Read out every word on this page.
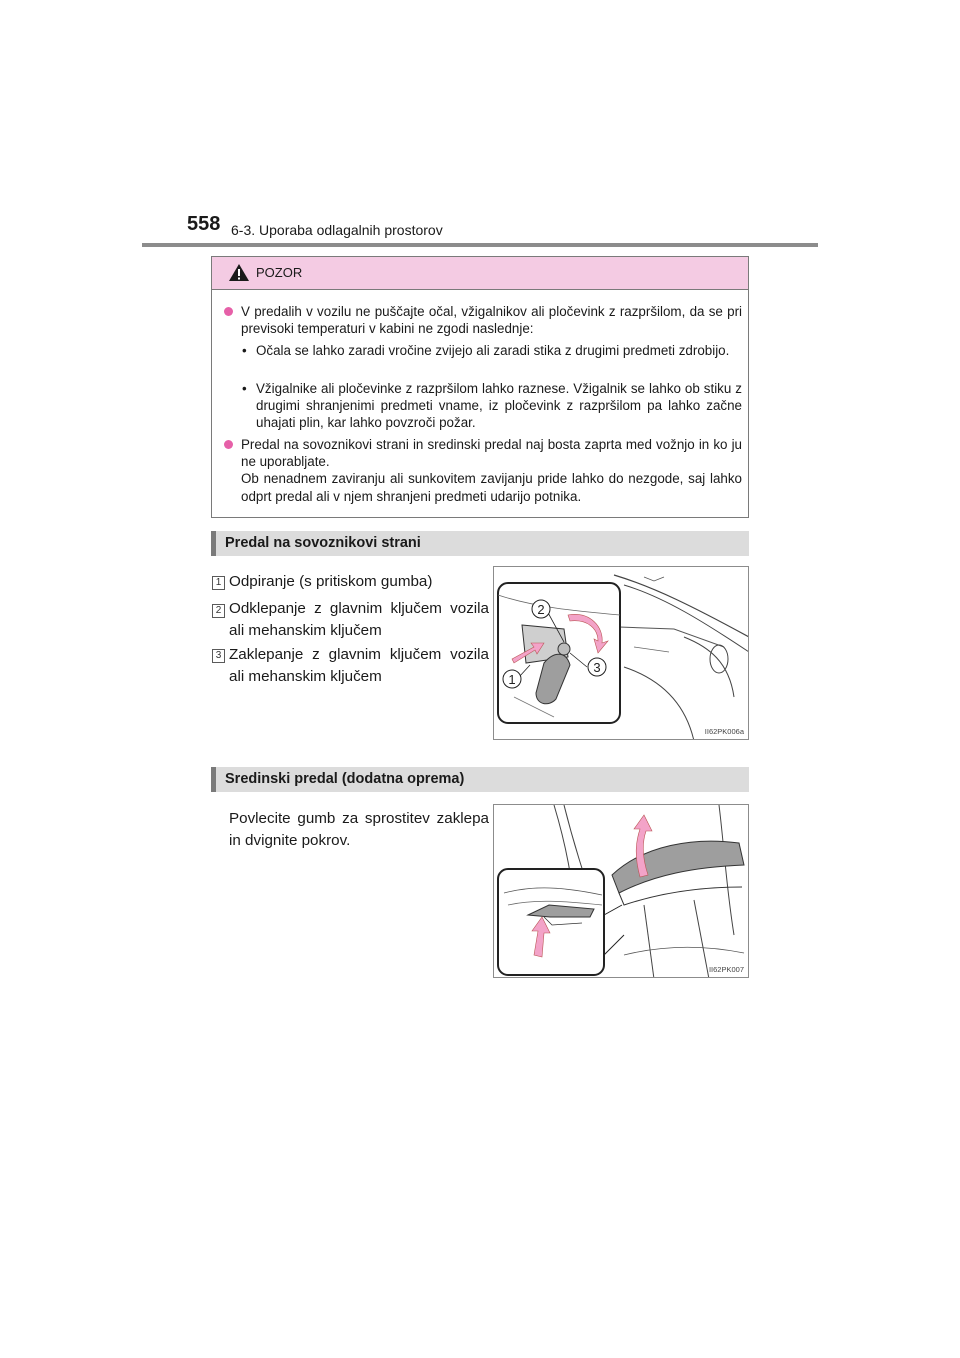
558 6-3. Uporaba odlagalnih prostorov
POZOR
V predalih v vozilu ne puščajte očal, vžigalnikov ali pločevink z razpršilom, da se pri previsoki temperaturi v kabini ne zgodi naslednje:
• Očala se lahko zaradi vročine zvijejo ali zaradi stika z drugimi predmeti zdrobijo.
• Vžigalnike ali pločevinke z razpršilom lahko raznese. Vžigalnik se lahko ob stiku z drugimi shranjenimi predmeti vname, iz pločevink z razpršilom pa lahko začne uhajati plin, kar lahko povzroči požar.
Predal na sovoznikovi strani in sredinski predal naj bosta zaprta med vožnjo in ko ju ne uporabljate.
Ob nenadnem zaviranju ali sunkovitem zavijanju pride lahko do nezgode, saj lahko odprt predal ali v njem shranjeni predmeti udarijo potnika.
Predal na sovoznikovi strani
1 Odpiranje (s pritiskom gumba)
2 Odklepanje z glavnim ključem vozila ali mehanskim ključem
3 Zaklepanje z glavnim ključem vozila ali mehanskim ključem
2
3
1
II62PK006a
Sredinski predal (dodatna oprema)
Povlecite gumb za sprostitev zaklepa in dvignite pokrov.
II62PK007
